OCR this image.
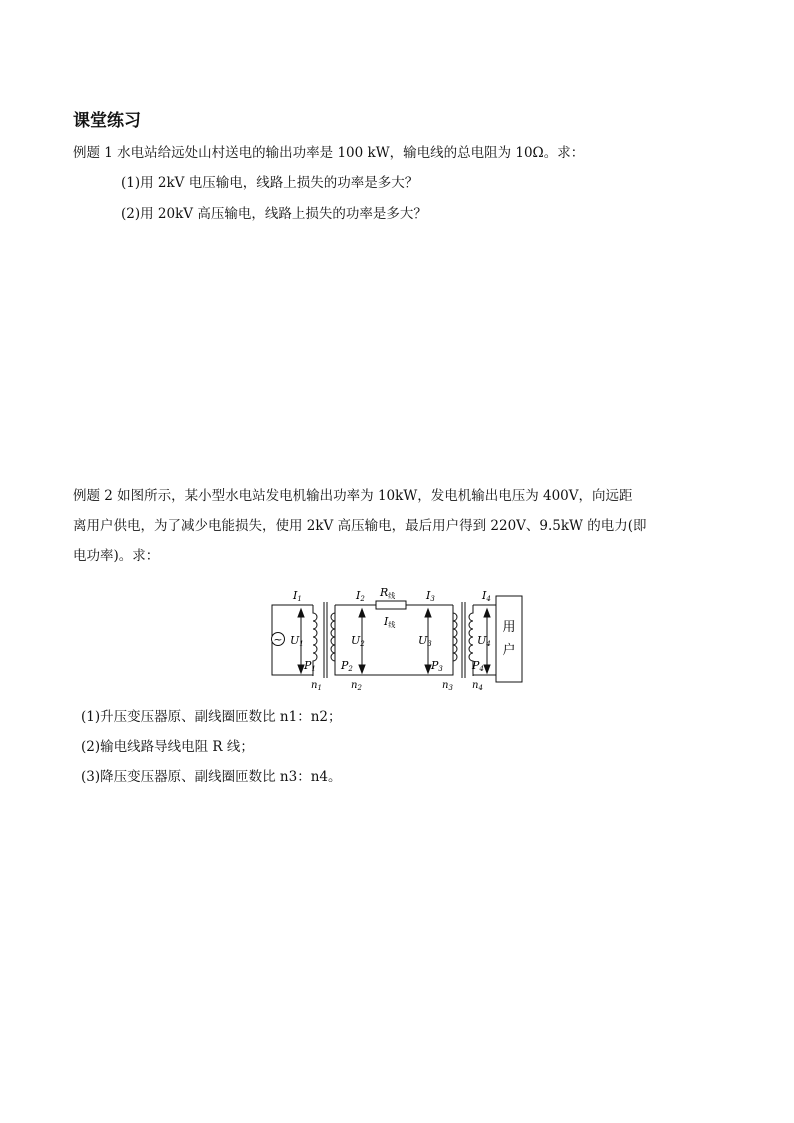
课堂练习
例题 1 水电站给远处山村送电的输出功率是 100 kW，输电线的总电阻为 10Ω。求：
(1)用 2kV 电压输电，线路上损失的功率是多大？
(2)用 20kV 高压输电，线路上损失的功率是多大？
例题 2 如图所示，某小型水电站发电机输出功率为 10kW，发电机输出电压为 400V，向远距
离用户供电，为了减少电能损失，使用 2kV 高压输电，最后用户得到 220V、9.5kW 的电力(即
电功率)。求：
~
I1	I2	I3	I4
R线
I线
U1	U2	U3	U4
P1 P2	P3	P4
$n_1$	$n_2$	$n_3$ $n_4$
用
户
(1)升压变压器原、副线圈匝数比 n1：n2；
(2)输电线路导线电阻 R 线；
(3)降压变压器原、副线圈匝数比 n3：n4。
